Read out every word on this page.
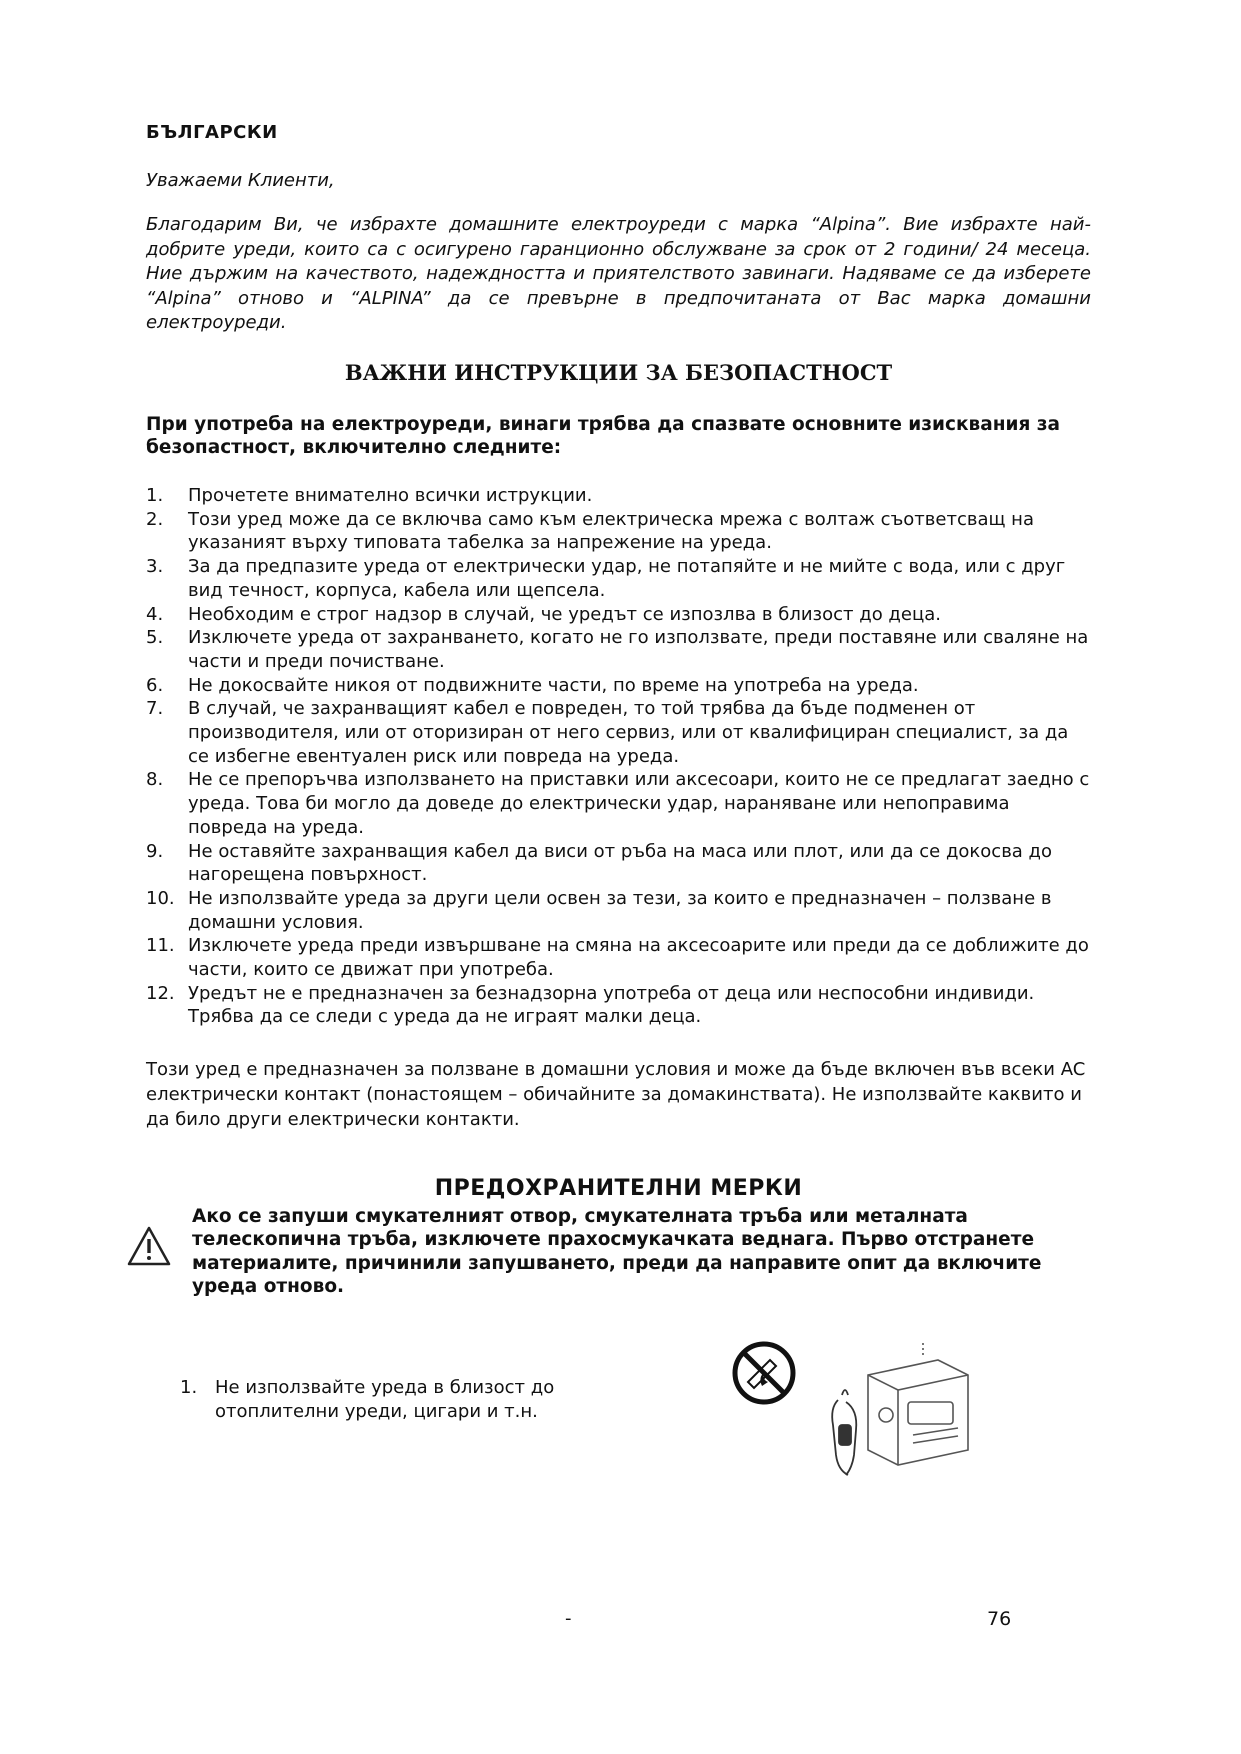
БЪЛГАРСКИ
Уважаеми Клиенти,
Благодарим Ви, че избрахте домашните електроуреди с марка “Alpina”. Вие избрахте най-добрите уреди, които са с осигурено гаранционно обслужване за срок от 2 години/ 24 месеца. Ние държим на качеството, надеждността и приятелството завинаги. Надяваме се да изберете “Alpina” отново и “ALPINA” да се превърне в предпочитаната от Вас марка домашни електроуреди.
ВАЖНИ ИНСТРУКЦИИ ЗА БЕЗОПАСТНОСТ
При употреба на електроуреди, винаги трябва да спазвате основните изисквания за безопастност, включително следните:
1. Прочетете внимателно всички иструкции.
2. Този уред може да се включва само към електрическа мрежа с волтаж съответсващ на указаният върху типовата табелка за напрежение на уреда.
3. За да предпазите уреда от електрически удар, не потапяйте и не мийте с вода, или с друг вид течност, корпуса, кабела или щепсела.
4. Необходим е строг надзор в случай, че уредът се изпозлва в близост до деца.
5. Изключете уреда от захранването, когато не го използвате, преди поставяне или сваляне на части и преди почистване.
6. Не докосвайте никоя от подвижните части, по време на употреба на уреда.
7. В случай, че захранващият кабел е повреден, то той трябва да бъде подменен от производителя, или от оторизиран от него сервиз, или от квалифициран специалист, за да се избегне евентуален риск или повреда на уреда.
8. Не се препоръчва използването на приставки или аксесоари, които не се предлагат заедно с уреда. Това би могло да доведе до електрически удар, нараняване или непоправима повреда на уреда.
9. Не оставяйте захранващия кабел да виси от ръба на маса или плот, или да се докосва до нагорещена повърхност.
10. Не използвайте уреда за други цели освен за тези, за които е предназначен – ползване в домашни условия.
11. Изключете уреда преди извършване на смяна на аксесоарите или преди да се доближите до части, които се движат при употреба.
12. Уредът не е предназначен за безнадзорна употреба от деца или неспособни индивиди. Трябва да се следи с уреда да не играят малки деца.
Този уред е предназначен за ползване в домашни условия и може да бъде включен във всеки AC електрически контакт (понастоящем – обичайните за домакинствата). Не използвайте каквито и да било други електрически контакти.
ПРЕДОХРАНИТЕЛНИ МЕРКИ
Ако се запуши смукателният отвор, смукателната тръба или металната телескопична тръба, изключете прахосмукачката веднага. Първо отстранете материалите, причинили запушването, преди да направите опит да включите уреда отново.
1. Не използвайте уреда в близост до отоплителни уреди, цигари и т.н.
-	76
